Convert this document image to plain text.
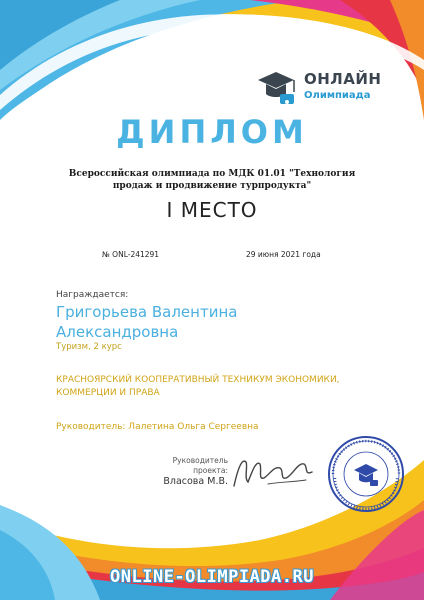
ОНЛАЙН
Олимпиада
ДИПЛОМ
Всероссийская олимпиада по МДК 01.01 "Технология продаж и продвижение турпродукта"
I МЕСТО
№ ONL-241291	29 июня 2021 года
Награждается:
Григорьева Валентина
Александровна
Туризм, 2 курс
КРАСНОЯРСКИЙ КООПЕРАТИВНЫЙ ТЕХНИКУМ ЭКОНОМИКИ,
КОММЕРЦИИ И ПРАВА
Руководитель: Лалетина Ольга Сергеевна
Руководитель
проекта:
Власова М.В.
ONLINE-OLIMPIADA.RU
